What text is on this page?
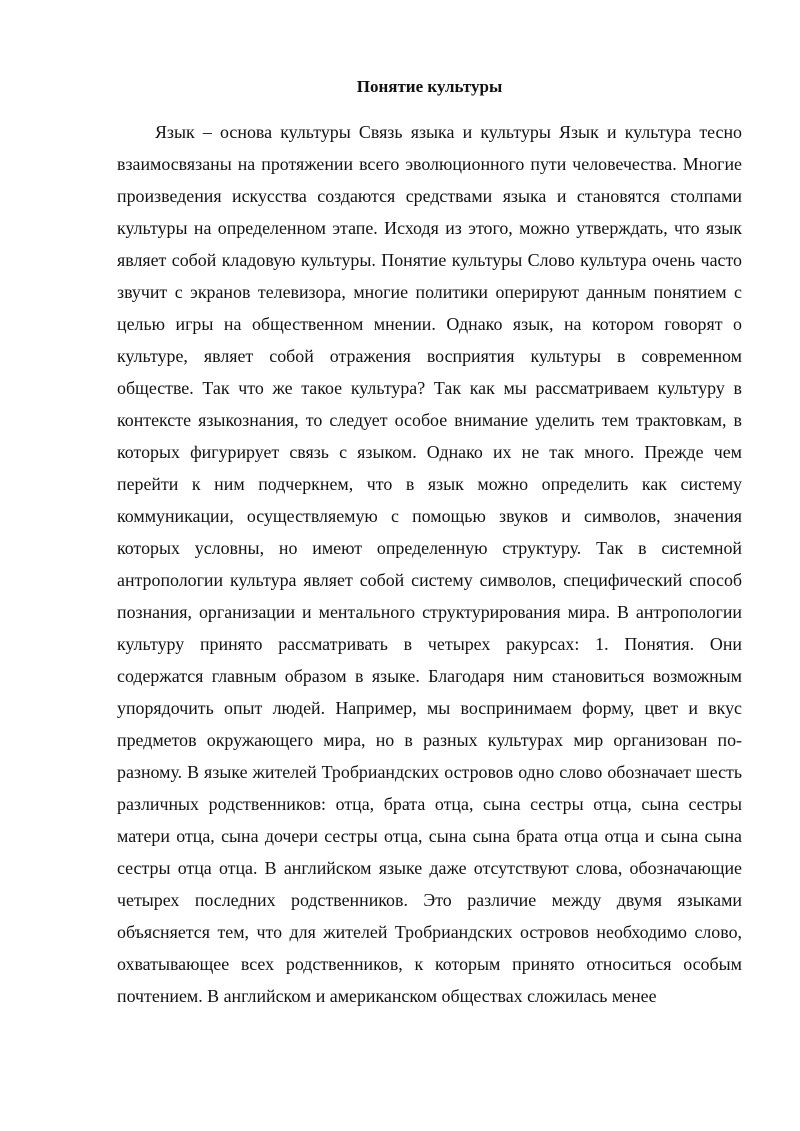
Понятие культуры

Язык – основа культуры Связь языка и культуры Язык и культура тесно взаимосвязаны на протяжении всего эволюционного пути человечества. Многие произведения искусства создаются средствами языка и становятся столпами культуры на определенном этапе. Исходя из этого, можно утверждать, что язык являет собой кладовую культуры. Понятие культуры Слово культура очень часто звучит с экранов телевизора, многие политики оперируют данным понятием с целью игры на общественном мнении. Однако язык, на котором говорят о культуре, являет собой отражения восприятия культуры в современном обществе. Так что же такое культура? Так как мы рассматриваем культуру в контексте языкознания, то следует особое внимание уделить тем трактовкам, в которых фигурирует связь с языком. Однако их не так много. Прежде чем перейти к ним подчеркнем, что в язык можно определить как систему коммуникации, осуществляемую с помощью звуков и символов, значения которых условны, но имеют определенную структуру. Так в системной антропологии культура являет собой систему символов, специфический способ познания, организации и ментального структурирования мира. В антропологии культуру принято рассматривать в четырех ракурсах: 1. Понятия. Они содержатся главным образом в языке. Благодаря ним становиться возможным упорядочить опыт людей. Например, мы воспринимаем форму, цвет и вкус предметов окружающего мира, но в разных культурах мир организован по-разному. В языке жителей Тробриандских островов одно слово обозначает шесть различных родственников: отца, брата отца, сына сестры отца, сына сестры матери отца, сына дочери сестры отца, сына сына брата отца отца и сына сына сестры отца отца. В английском языке даже отсутствуют слова, обозначающие четырех последних родственников. Это различие между двумя языками объясняется тем, что для жителей Тробриандских островов необходимо слово, охватывающее всех родственников, к которым принято относиться особым почтением. В английском и американском обществах сложилась менее
